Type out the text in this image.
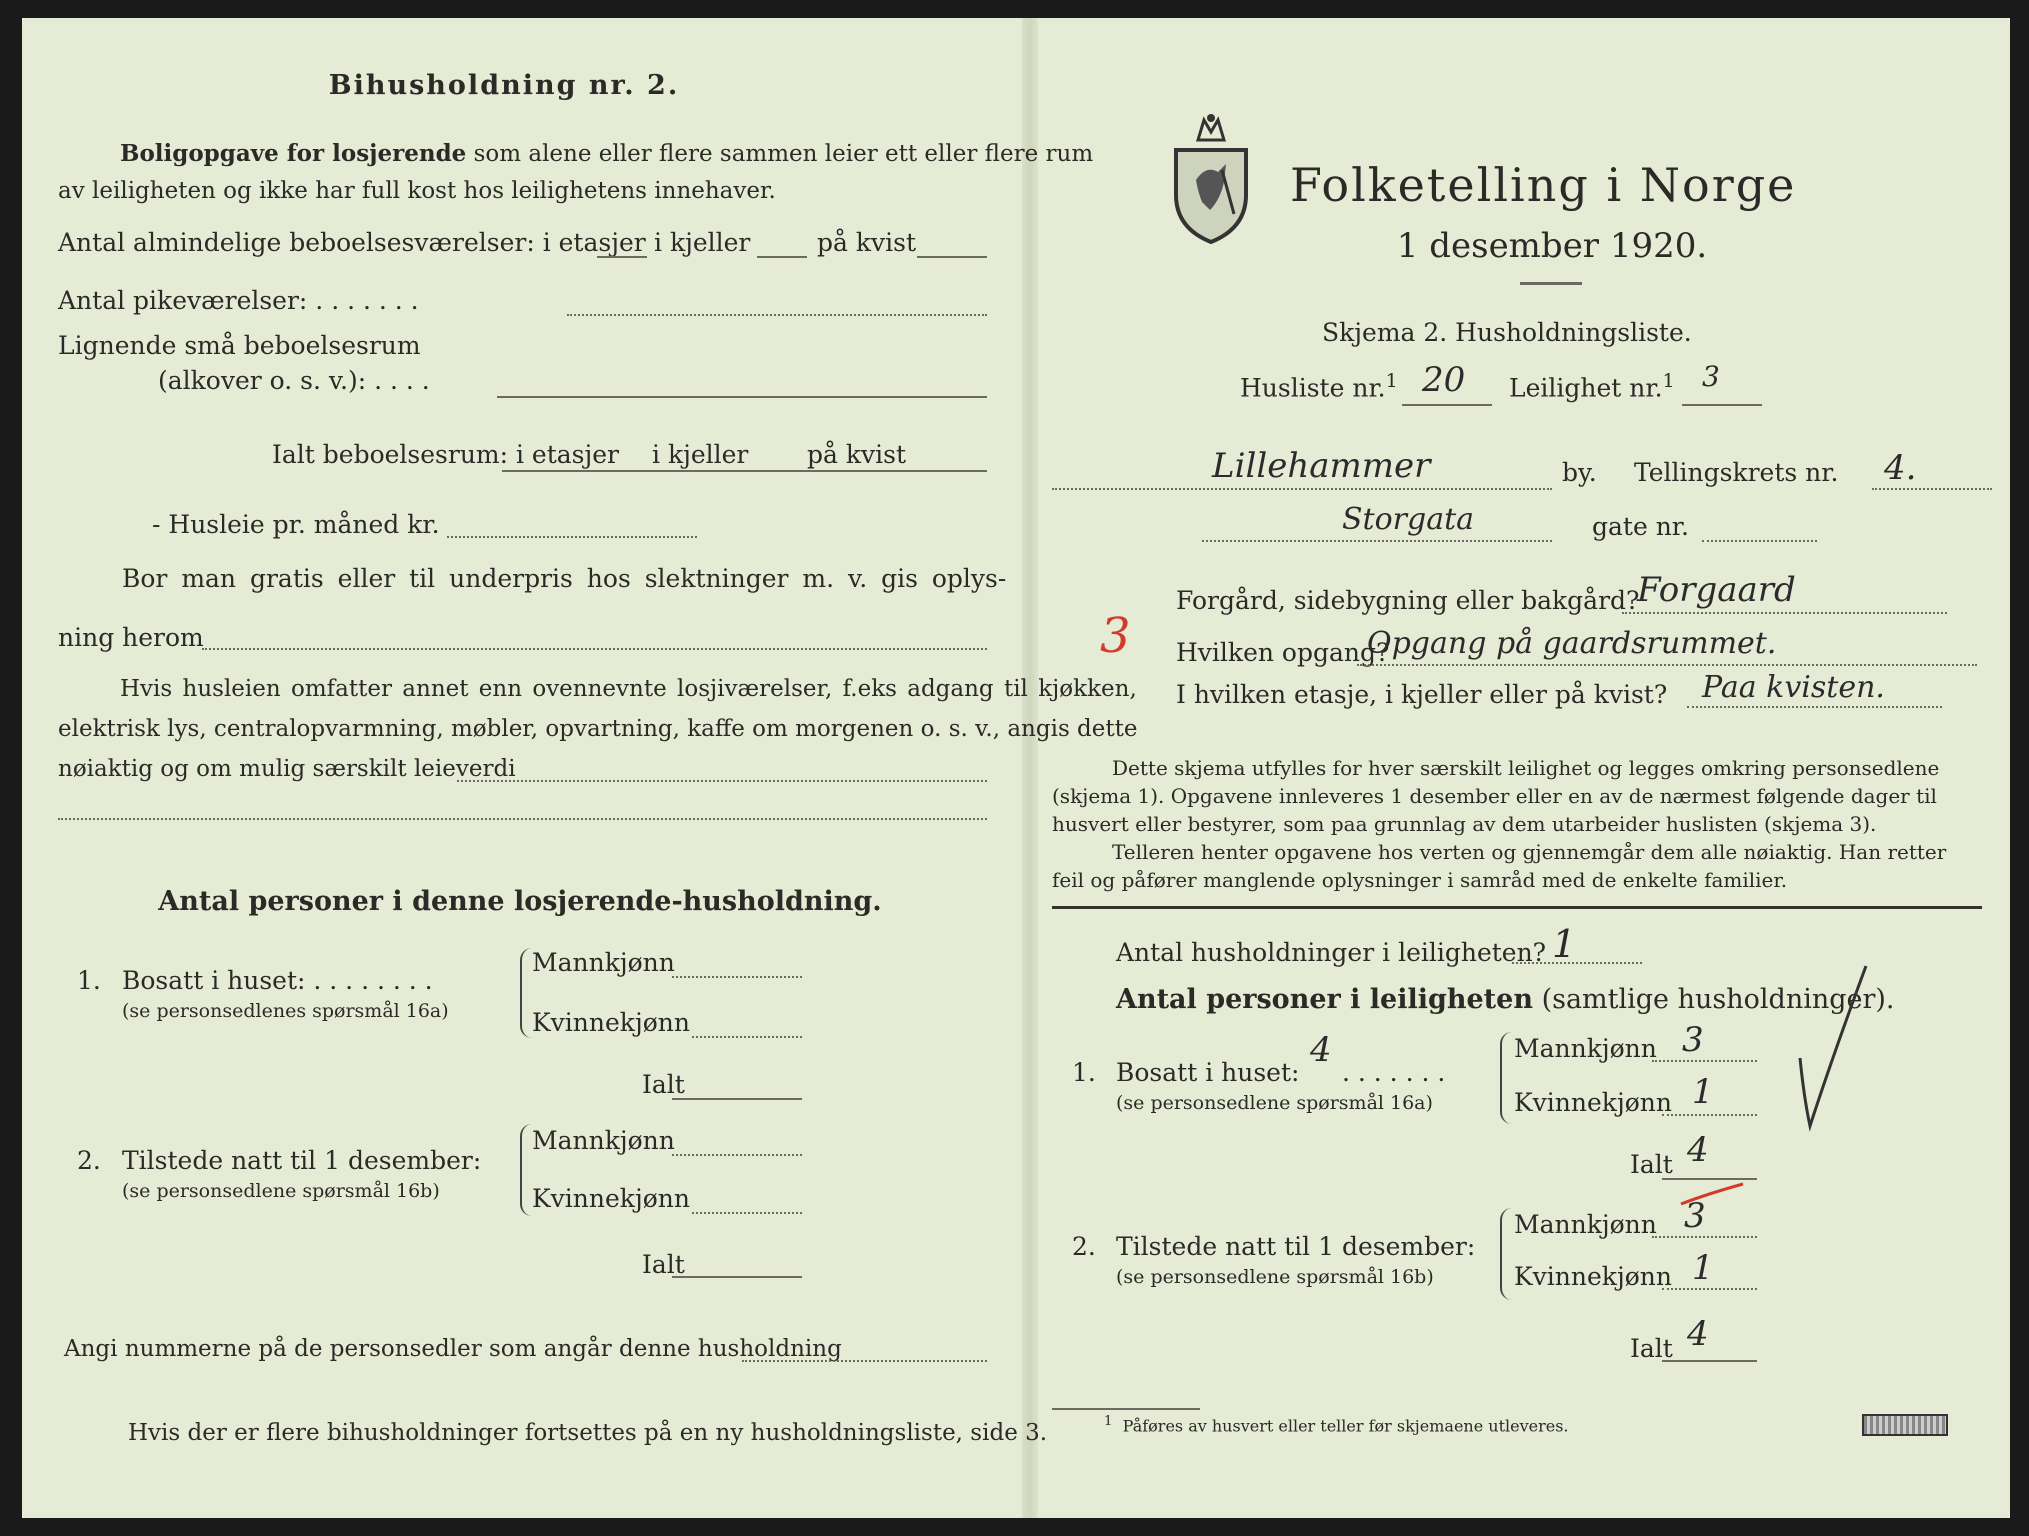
Bihusholdning nr. 2.
Boligopgave for losjerende som alene eller flere sammen leier ett eller flere rum
av leiligheten og ikke har full kost hos leilighetens innehaver.
Antal almindelige beboelsesværelser: i etasjer i kjeller	på kvist
Antal pikeværelser: . . . . . . .
Lignende små beboelsesrum
(alkover o. s. v.): . . . .
Ialt beboelsesrum: i etasjer i kjeller på kvist
- Husleie pr. måned kr.
Bor man gratis eller til underpris hos slektninger m. v. gis oplys-
ning herom
Hvis husleien omfatter annet enn ovennevnte losjiværelser, f.eks adgang til kjøkken,
elektrisk lys, centralopvarmning, møbler, opvartning, kaffe om morgenen o. s. v., angis dette
nøiaktig og om mulig særskilt leieverdi
Antal personer i denne losjerende-husholdning.
1. Bosatt i huset: . . . . . . . .
(se personsedlenes spørsmål 16a)
Mannkjønn
Kvinnekjønn
Ialt
2. Tilstede natt til 1 desember:
(se personsedlene spørsmål 16b)
Mannkjønn
Kvinnekjønn
Ialt
Angi nummerne på de personsedler som angår denne husholdning
Hvis der er flere bihusholdninger fortsettes på en ny husholdningsliste, side 3.
Folketelling i Norge
1 desember 1920.
Skjema 2. Husholdningsliste.
Husliste nr.$^1$ 20 Leilighet nr.$^1$ 3
Lillehammer	by. Tellingskrets nr. 4.
Storgata	gate nr.
Forgård, sidebygning eller bakgård?
Forgaard
3 Hvilken opgang?
Opgang på gaardsrummet.
I hvilken etasje, i kjeller eller på kvist? Paa kvisten.
Dette skjema utfylles for hver særskilt leilighet og legges omkring personsedlene
(skjema 1). Opgavene innleveres 1 desember eller en av de nærmest følgende dager til
husvert eller bestyrer, som paa grunnlag av dem utarbeider huslisten (skjema 3).
Telleren henter opgavene hos verten og gjennemgår dem alle nøiaktig. Han retter
feil og påfører manglende oplysninger i samråd med de enkelte familier.
Antal husholdninger i leiligheten? 1
Antal personer i leiligheten (samtlige husholdninger).
1. Bosatt i huset:
4
. . . . . . .
(se personsedlene spørsmål 16a)
Mannkjønn 3
Kvinnekjønn 1
Ialt 4
2. Tilstede natt til 1 desember:
(se personsedlene spørsmål 16b)
Mannkjønn 3
Kvinnekjønn 1
Ialt 4
$^1$ Påføres av husvert eller teller før skjemaene utleveres.
